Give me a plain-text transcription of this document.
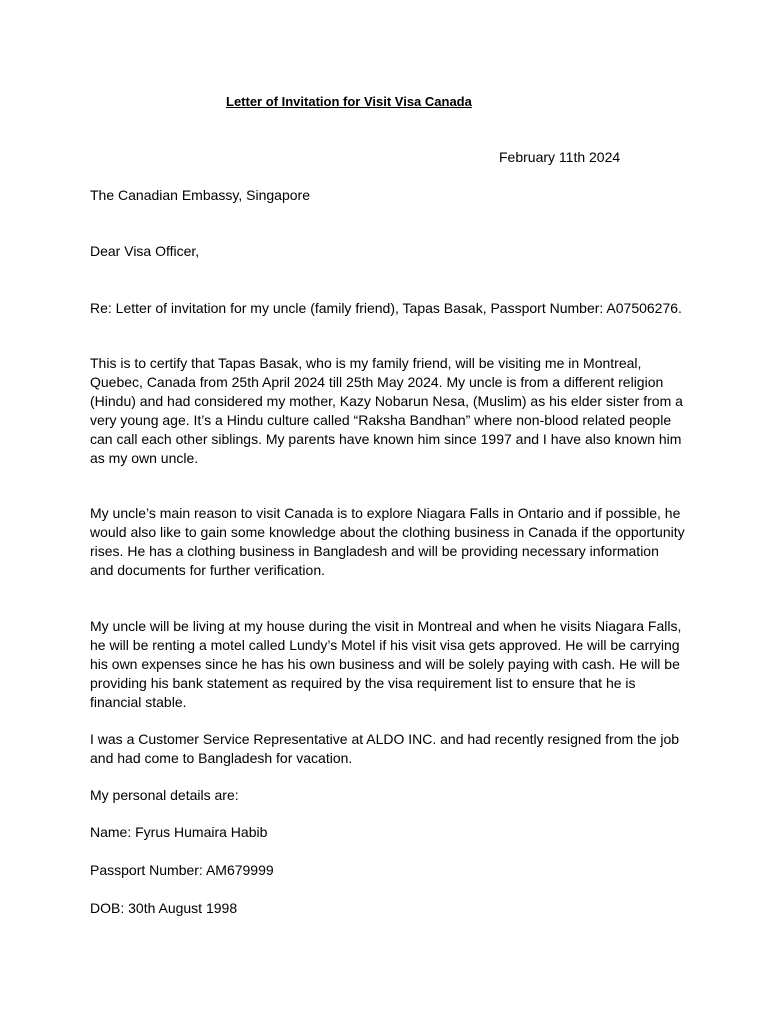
Letter of Invitation for Visit Visa Canada

February 11th 2024

The Canadian Embassy, Singapore

Dear Visa Officer,

Re: Letter of invitation for my uncle (family friend), Tapas Basak, Passport Number: A07506276.

This is to certify that Tapas Basak, who is my family friend, will be visiting me in Montreal,
Quebec, Canada from 25th April 2024 till 25th May 2024. My uncle is from a different religion
(Hindu) and had considered my mother, Kazy Nobarun Nesa, (Muslim) as his elder sister from a
very young age. It’s a Hindu culture called “Raksha Bandhan” where non-blood related people
can call each other siblings. My parents have known him since 1997 and I have also known him
as my own uncle.
My uncle’s main reason to visit Canada is to explore Niagara Falls in Ontario and if possible, he
would also like to gain some knowledge about the clothing business in Canada if the opportunity
rises. He has a clothing business in Bangladesh and will be providing necessary information
and documents for further verification.
My uncle will be living at my house during the visit in Montreal and when he visits Niagara Falls,
he will be renting a motel called Lundy’s Motel if his visit visa gets approved. He will be carrying
his own expenses since he has his own business and will be solely paying with cash. He will be
providing his bank statement as required by the visa requirement list to ensure that he is
financial stable.
I was a Customer Service Representative at ALDO INC. and had recently resigned from the job
and had come to Bangladesh for vacation.

My personal details are:

Name: Fyrus Humaira Habib

Passport Number: AM679999

DOB: 30th August 1998
